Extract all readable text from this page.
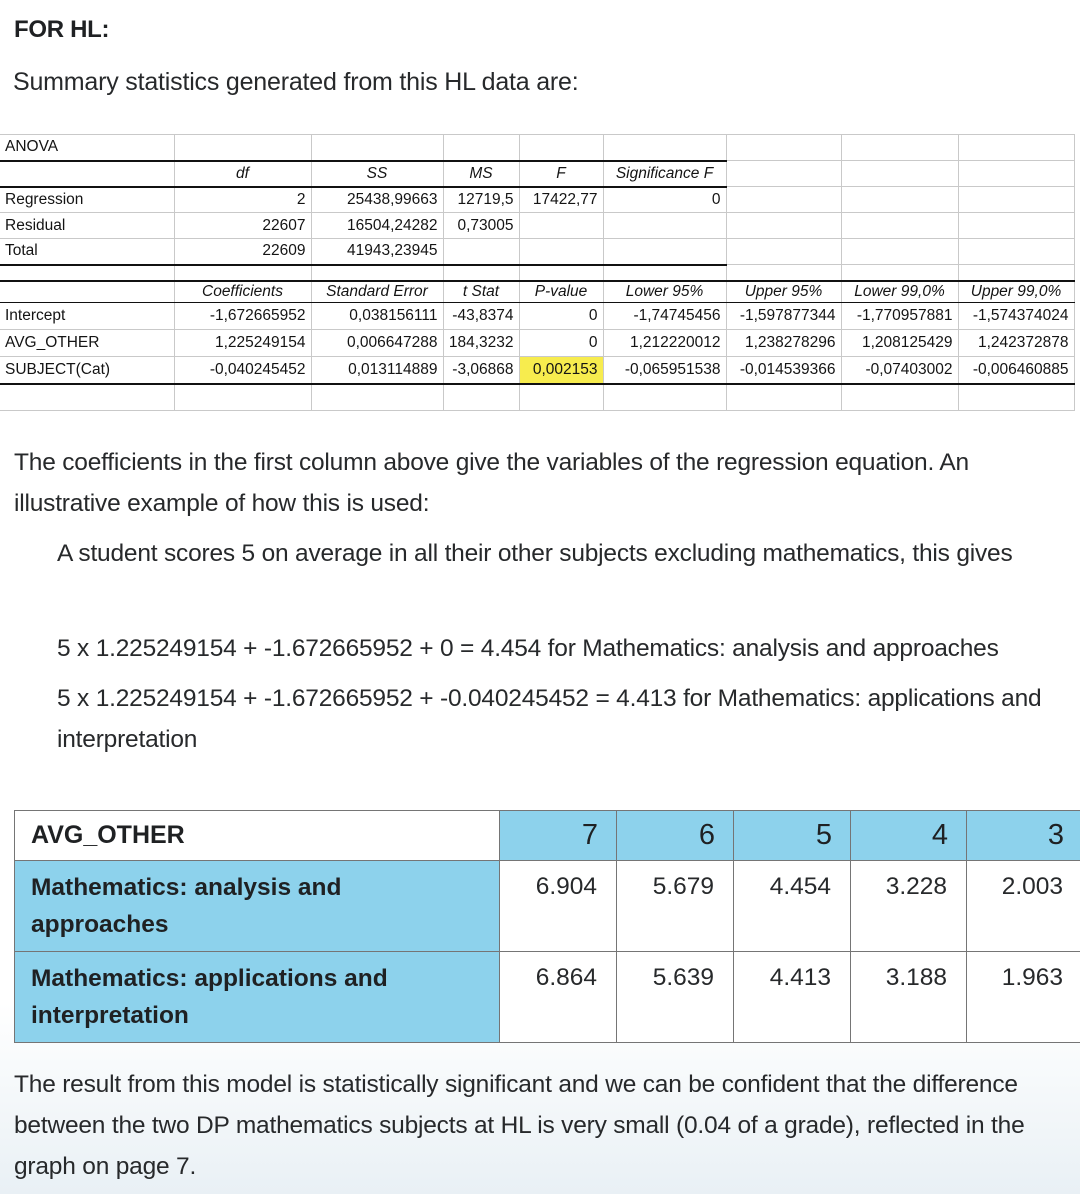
FOR HL:
Summary statistics generated from this HL data are:
ANOVA								
	df	SS	MS	F	Significance F			
Regression	2	25438,99663	12719,5	17422,77	0			
Residual	22607	16504,24282	0,73005					
Total	22609	41943,23945						

	Coefficients	Standard Error	t Stat	P-value	Lower 95%	Upper 95%	Lower 99,0%	Upper 99,0%
Intercept	-1,672665952	0,038156111	-43,8374	0	-1,74745456	-1,597877344	-1,770957881	-1,574374024
AVG_OTHER	1,225249154	0,006647288	184,3232	0	1,212220012	1,238278296	1,208125429	1,242372878
SUBJECT(Cat)	-0,040245452	0,013114889	-3,06868	0,002153	-0,065951538	-0,014539366	-0,07403002	-0,006460885

The coefficients in the first column above give the variables of the regression equation. An illustrative example of how this is used:
A student scores 5 on average in all their other subjects excluding mathematics, this gives
5 x 1.225249154 + -1.672665952 + 0 = 4.454 for Mathematics: analysis and approaches
5 x 1.225249154 + -1.672665952 + -0.040245452 = 4.413 for Mathematics: applications and interpretation
AVG_OTHER	7	6	5	4	3
Mathematics: analysis and approaches	6.904	5.679	4.454	3.228	2.003
Mathematics: applications and interpretation	6.864	5.639	4.413	3.188	1.963
The result from this model is statistically significant and we can be confident that the difference between the two DP mathematics subjects at HL is very small (0.04 of a grade), reflected in the graph on page 7.
